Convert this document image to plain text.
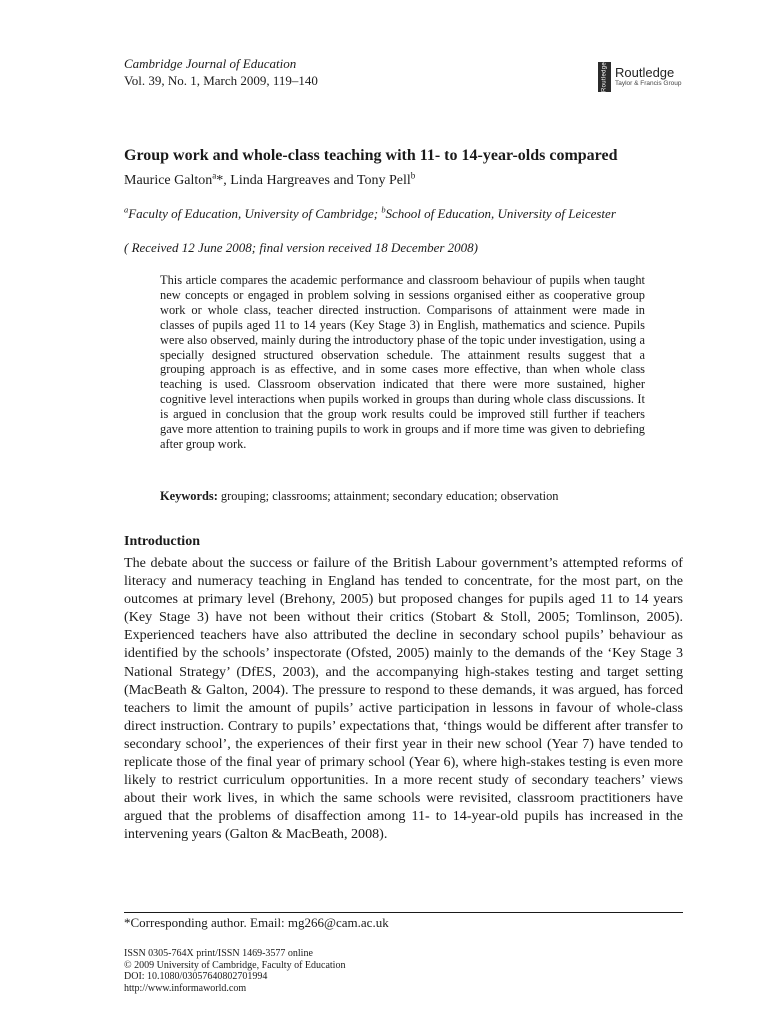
Cambridge Journal of Education
Vol. 39, No. 1, March 2009, 119–140	Routledge Routledge
Taylor & Francis Group
Group work and whole-class teaching with 11- to 14-year-olds compared
Maurice Galton$^a$*, Linda Hargreaves and Tony Pell$^b$
$^a$Faculty of Education, University of Cambridge; $^b$School of Education, University of Leicester
( Received 12 June 2008; final version received 18 December 2008)
This article compares the academic performance and classroom behaviour of pupils when taught new concepts or engaged in problem solving in sessions organised either as cooperative group work or whole class, teacher directed instruction. Comparisons of attainment were made in classes of pupils aged 11 to 14 years (Key Stage 3) in English, mathematics and science. Pupils were also observed, mainly during the introductory phase of the topic under investigation, using a specially designed structured observation schedule. The attainment results suggest that a grouping approach is as effective, and in some cases more effective, than when whole class teaching is used. Classroom observation indicated that there were more sustained, higher cognitive level interactions when pupils worked in groups than during whole class discussions. It is argued in conclusion that the group work results could be improved still further if teachers gave more attention to training pupils to work in groups and if more time was given to debriefing after group work.
Keywords: grouping; classrooms; attainment; secondary education; observation
Introduction
The debate about the success or failure of the British Labour government’s attempted reforms of literacy and numeracy teaching in England has tended to concentrate, for the most part, on the outcomes at primary level (Brehony, 2005) but proposed changes for pupils aged 11 to 14 years (Key Stage 3) have not been without their critics (Stobart & Stoll, 2005; Tomlinson, 2005). Experienced teachers have also attributed the decline in secondary school pupils’ behaviour as identified by the schools’ inspectorate (Ofsted, 2005) mainly to the demands of the ‘Key Stage 3 National Strategy’ (DfES, 2003), and the accompanying high-stakes testing and target setting (MacBeath & Galton, 2004). The pressure to respond to these demands, it was argued, has forced teachers to limit the amount of pupils’ active participation in lessons in favour of whole-class direct instruction. Contrary to pupils’ expectations that, ‘things would be different after transfer to secondary school’, the experiences of their first year in their new school (Year 7) have tended to replicate those of the final year of primary school (Year 6), where high-stakes testing is even more likely to restrict curriculum opportunities. In a more recent study of secondary teachers’ views about their work lives, in which the same schools were revisited, classroom practitioners have argued that the problems of disaffection among 11- to 14-year-old pupils has increased in the intervening years (Galton & MacBeath, 2008).
*Corresponding author. Email: mg266@cam.ac.uk
ISSN 0305-764X print/ISSN 1469-3577 online
© 2009 University of Cambridge, Faculty of Education
DOI: 10.1080/03057640802701994
http://www.informaworld.com
